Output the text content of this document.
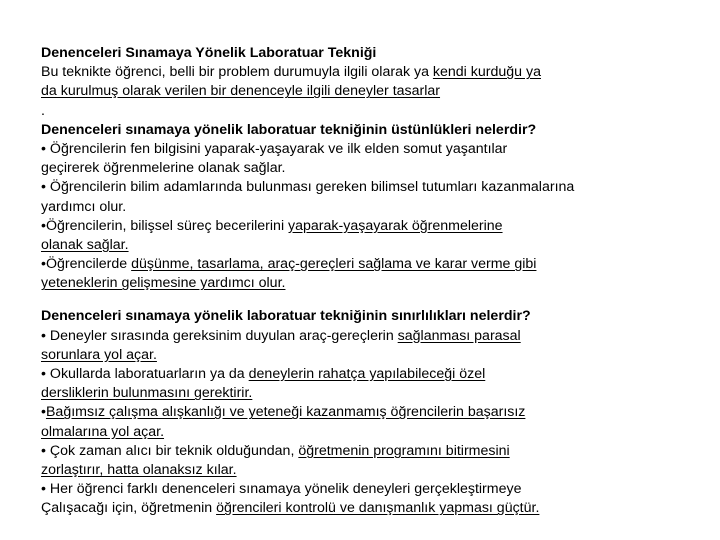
Denenceleri Sınamaya Yönelik Laboratuar Tekniği
Bu teknikte öğrenci, belli bir problem durumuyla ilgili olarak ya kendi kurduğu ya
da kurulmuş olarak verilen bir denenceyle ilgili deneyler tasarlar
.
Denenceleri sınamaya yönelik laboratuar tekniğinin üstünlükleri nelerdir?
• Öğrencilerin fen bilgisini yaparak-yaşayarak ve ilk elden somut yaşantılar
geçirerek öğrenmelerine olanak sağlar.
• Öğrencilerin bilim adamlarında bulunması gereken bilimsel tutumları kazanmalarına
yardımcı olur.
•Öğrencilerin, bilişsel süreç becerilerini yaparak-yaşayarak öğrenmelerine
olanak sağlar.
•Öğrencilerde düşünme, tasarlama, araç-gereçleri sağlama ve karar verme gibi
yeteneklerin gelişmesine yardımcı olur.
Denenceleri sınamaya yönelik laboratuar tekniğinin sınırlılıkları nelerdir?
• Deneyler sırasında gereksinim duyulan araç-gereçlerin sağlanması parasal
sorunlara yol açar.
• Okullarda laboratuarların ya da deneylerin rahatça yapılabileceği özel
dersliklerin bulunmasını gerektirir.
•Bağımsız çalışma alışkanlığı ve yeteneği kazanmamış öğrencilerin başarısız
olmalarına yol açar.
• Çok zaman alıcı bir teknik olduğundan, öğretmenin programını bitirmesini
zorlaştırır, hatta olanaksız kılar.
• Her öğrenci farklı denenceleri sınamaya yönelik deneyleri gerçekleştirmeye
Çalışacağı için, öğretmenin öğrencileri kontrolü ve danışmanlık yapması güçtür.
